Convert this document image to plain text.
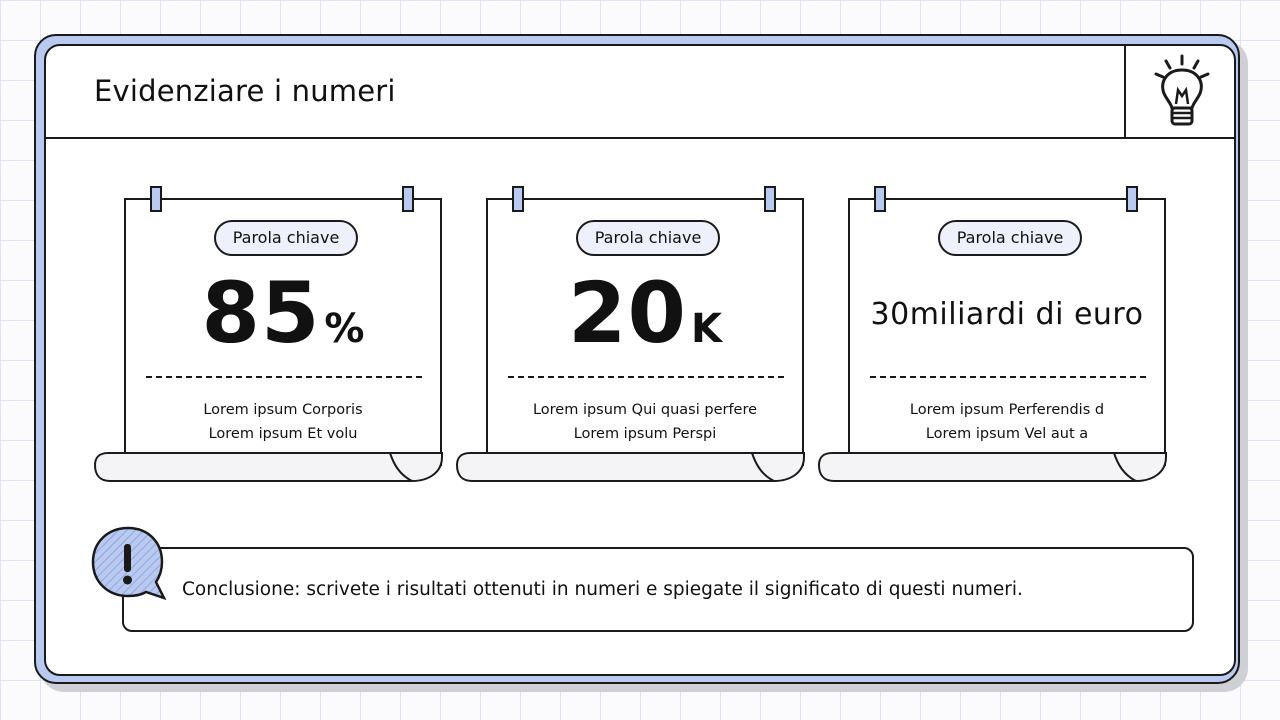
Evidenziare i numeri
Parola chiave
85 %
Lorem ipsum Corporis
Lorem ipsum Et volu
Parola chiave
20 K
Lorem ipsum Qui quasi perfere
Lorem ipsum Perspi
Parola chiave
30miliardi di euro
Lorem ipsum Perferendis d
Lorem ipsum Vel aut a
Conclusione: scrivete i risultati ottenuti in numeri e spiegate il significato di questi numeri.
